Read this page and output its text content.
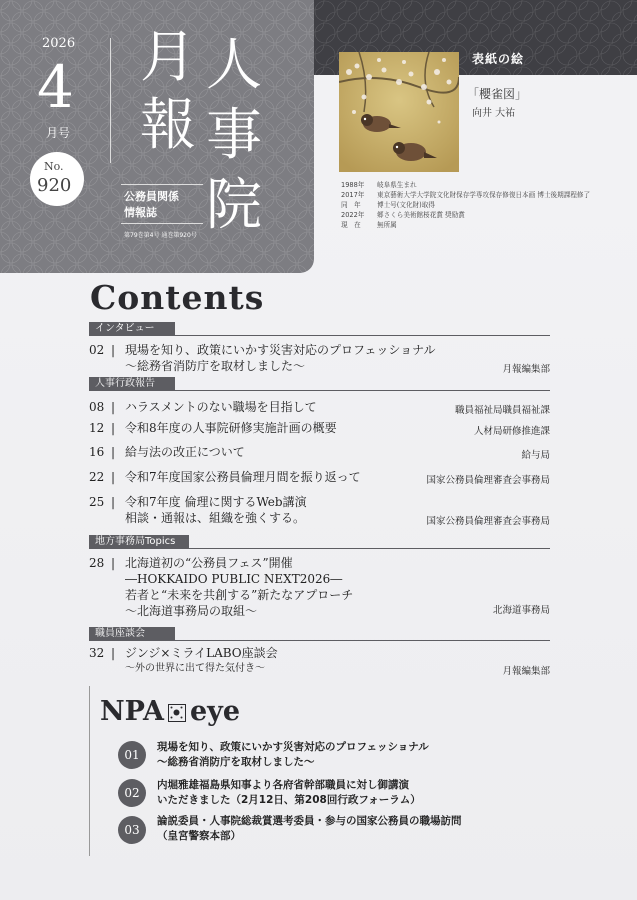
2026
4
月号
No.
920
月
報
人
事
院
公務員関係
情報誌
第79巻第4号 通巻第920号
表紙の絵
「櫻雀図」
向井 大祐
1988年	岐阜県生まれ
2017年	東京藝術大学大学院文化財保存学専攻保存修復日本画 博士後期課程修了
同　年	博士号(文化財)取得
2022年	郷さくら美術館桜花賞 奨励賞
現　在	無所属
Contents
インタビュー
02 | 現場を知り、政策にいかす災害対応のプロフェッショナル
～総務省消防庁を取材しました～	月報編集部
人事行政報告
08 | ハラスメントのない職場を目指して	職員福祉局職員福祉課
12 | 令和8年度の人事院研修実施計画の概要	人材局研修推進課
16 | 給与法の改正について	給与局
22 | 令和7年度国家公務員倫理月間を振り返って	国家公務員倫理審査会事務局
25 | 令和7年度 倫理に関するWeb講演
相談・通報は、組織を強くする。	国家公務員倫理審査会事務局
地方事務局Topics
28 | 北海道初の“公務員フェス”開催
―HOKKAIDO PUBLIC NEXT2026―
若者と“未来を共創する”新たなアプローチ
～北海道事務局の取組～	北海道事務局
職員座談会
32 | ジンジ×ミライLABO座談会
～外の世界に出て得た気付き～	月報編集部
NPA eye
01
現場を知り、政策にいかす災害対応のプロフェッショナル
～総務省消防庁を取材しました～
02
内堀雅雄福島県知事より各府省幹部職員に対し御講演
いただきました（2月12日、第208回行政フォーラム）
03
論説委員・人事院総裁賞選考委員・参与の国家公務員の職場訪問
（皇宮警察本部）
